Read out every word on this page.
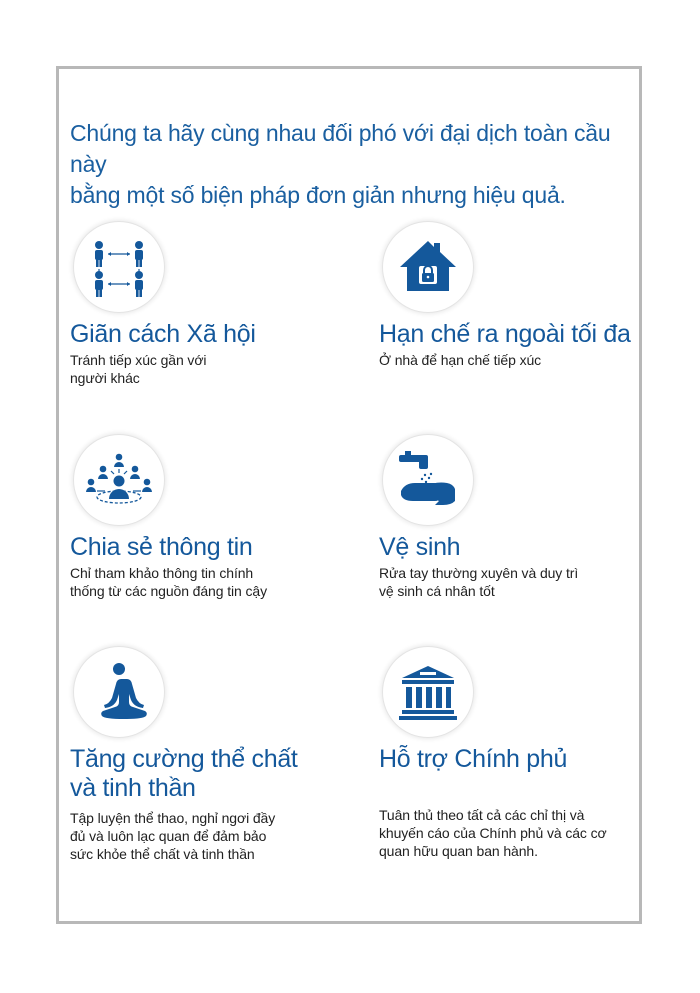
Chúng ta hãy cùng nhau đối phó với đại dịch toàn cầu này
bằng một số biện pháp đơn giản nhưng hiệu quả.
Giãn cách Xã hội
Tránh tiếp xúc gần với
người khác
Hạn chế ra ngoài tối đa
Ở nhà để hạn chế tiếp xúc
Chia sẻ thông tin
Chỉ tham khảo thông tin chính
thống từ các nguồn đáng tin cậy
Vệ sinh
Rửa tay thường xuyên và duy trì
vệ sinh cá nhân tốt
Tăng cường thể chất
và tinh thần
Tập luyện thể thao, nghỉ ngơi đầy
đủ và luôn lạc quan để đảm bảo
sức khỏe thể chất và tinh thần
Hỗ trợ Chính phủ
Tuân thủ theo tất cả các chỉ thị và
khuyến cáo của Chính phủ và các cơ
quan hữu quan ban hành.
